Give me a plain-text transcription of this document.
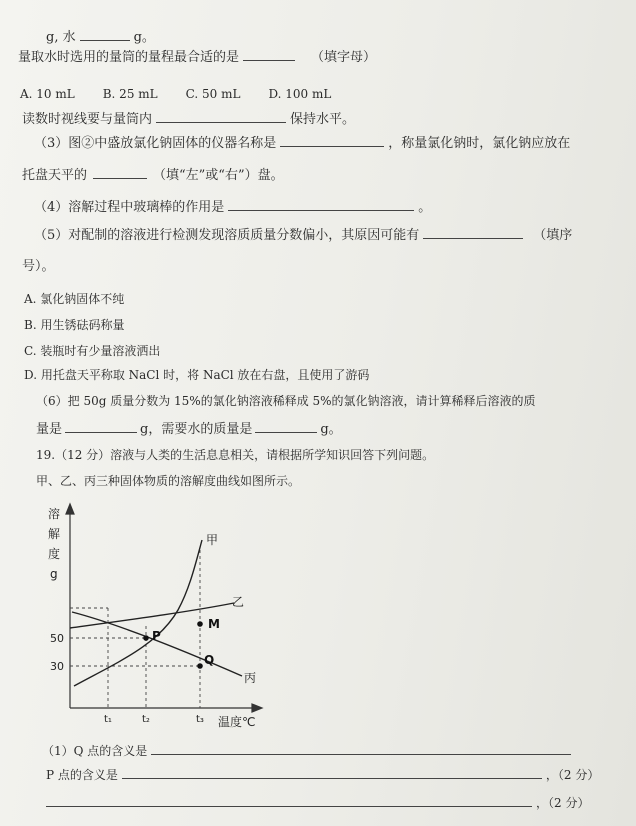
g, 水	g。
量取水时选用的量筒的量程最合适的是	（填字母）
A. 10 mL B. 25 mL C. 50 mL D. 100 mL
读数时视线要与量筒内	保持水平。
（3）图②中盛放氯化钠固体的仪器名称是	，称量氯化钠时，氯化钠应放在
托盘天平的	（填“左”或“右”）盘。
（4）溶解过程中玻璃棒的作用是	。
（5）对配制的溶液进行检测发现溶质质量分数偏小，其原因可能有	（填序
号）。
A. 氯化钠固体不纯
B. 用生锈砝码称量
C. 装瓶时有少量溶液洒出
D. 用托盘天平称取 NaCl 时，将 NaCl 放在右盘，且使用了游码
（6）把 50g 质量分数为 15%的氯化钠溶液稀释成 5%的氯化钠溶液，请计算稀释后溶液的质
量是	g，需要水的质量是	g。
19.（12 分）溶液与人类的生活息息相关，请根据所学知识回答下列问题。
甲、乙、丙三种固体物质的溶解度曲线如图所示。
溶
解
度
g
50
30
t₁	t₂	t₃ 温度℃
甲
乙
丙
P
M
Q
（1）Q 点的含义是
P 点的含义是	，（2 分）
，（2 分）
